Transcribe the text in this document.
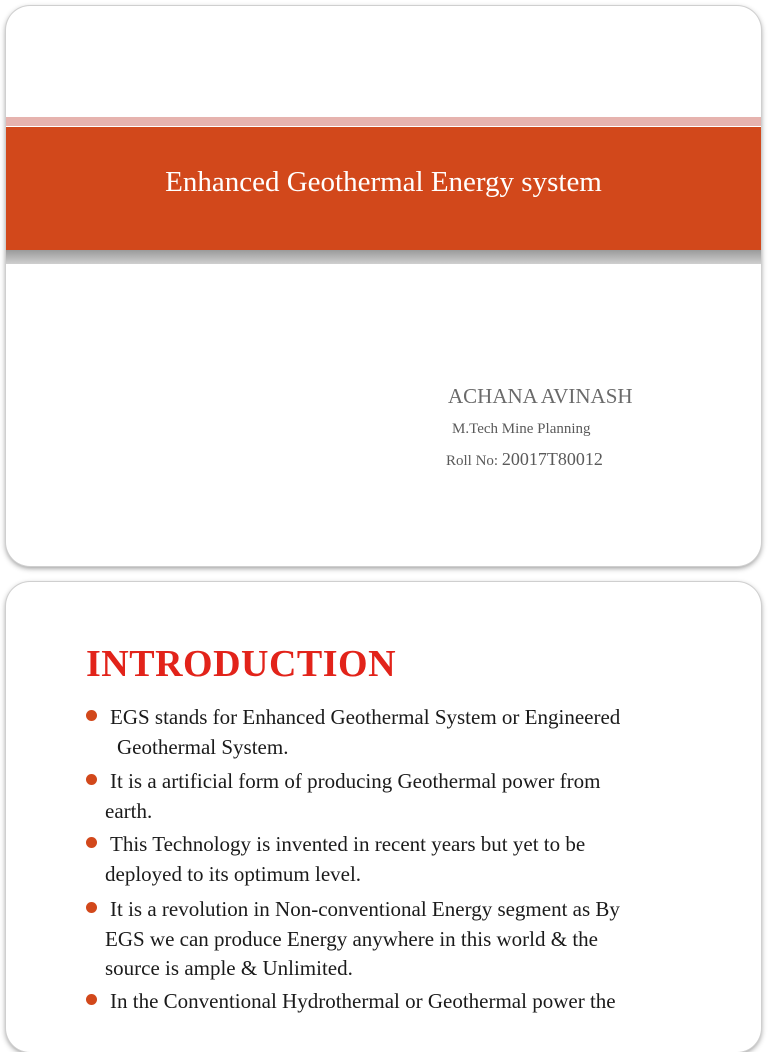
Enhanced Geothermal Energy system
ACHANA AVINASH
M.Tech Mine Planning
Roll No: 20017T80012
INTRODUCTION
EGS stands for Enhanced Geothermal System or Engineered
Geothermal System.
It is a artificial form of producing Geothermal power from
earth.
This Technology is invented in recent years but yet to be
deployed to its optimum level.
It is a revolution in Non-conventional Energy segment as By
EGS we can produce Energy anywhere in this world & the
source is ample & Unlimited.
In the Conventional Hydrothermal or Geothermal power the
